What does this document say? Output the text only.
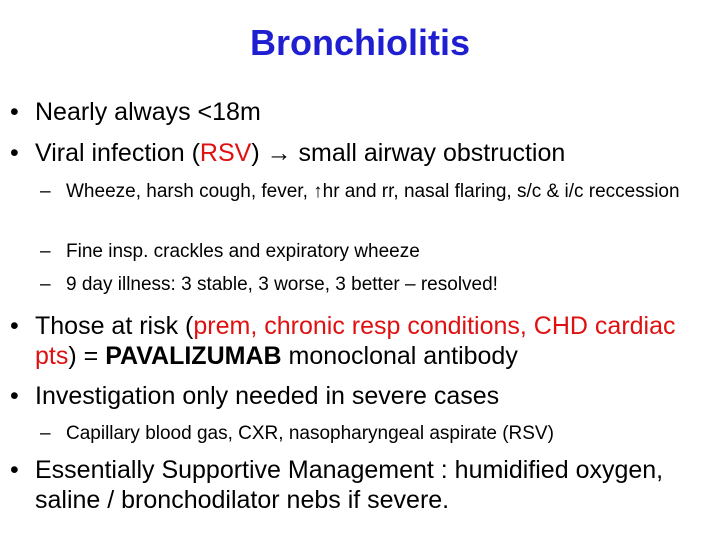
Bronchiolitis
• Nearly always <18m
• Viral infection (RSV) → small airway obstruction
– Wheeze, harsh cough, fever, ↑hr and rr, nasal flaring, s/c & i/c reccession
– Fine insp. crackles and expiratory wheeze
– 9 day illness: 3 stable, 3 worse, 3 better – resolved!
• Those at risk (prem, chronic resp conditions, CHD cardiac pts) = PAVALIZUMAB monoclonal antibody
• Investigation only needed in severe cases
– Capillary blood gas, CXR, nasopharyngeal aspirate (RSV)
• Essentially Supportive Management : humidified oxygen, saline / bronchodilator nebs if severe.
